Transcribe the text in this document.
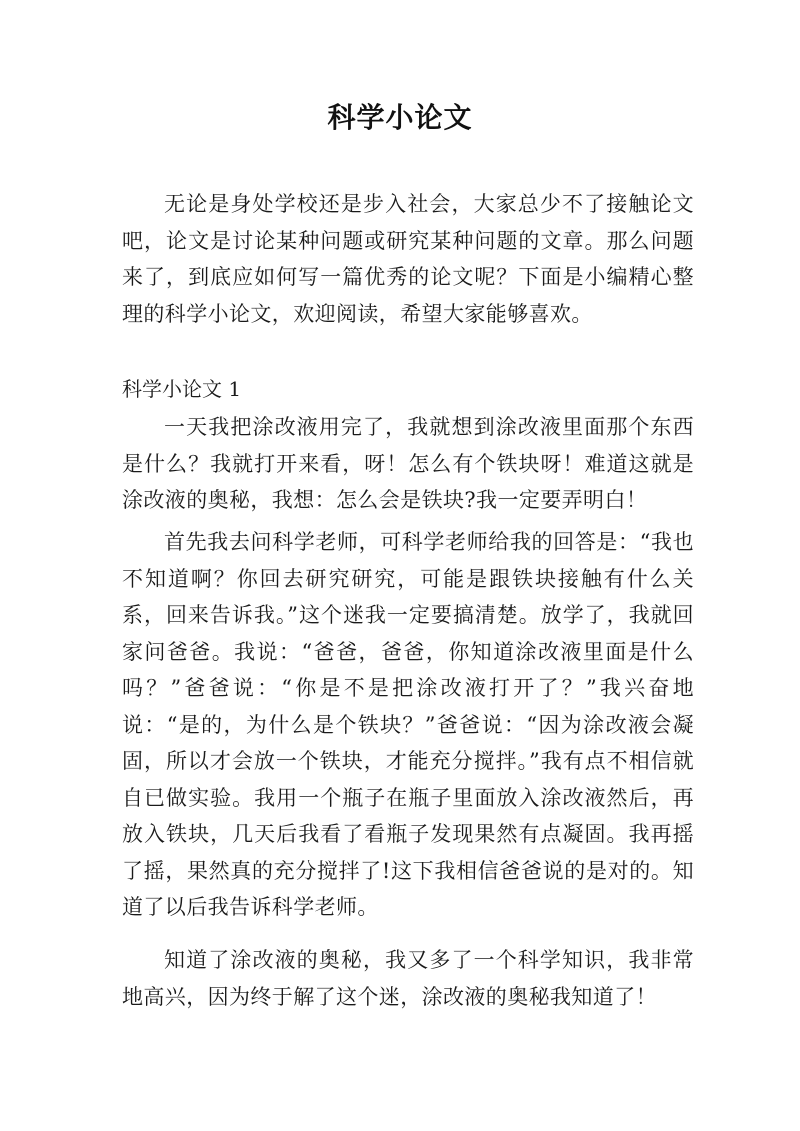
科学小论文

无论是身处学校还是步入社会，大家总少不了接触论文吧，论文是讨论某种问题或研究某种问题的文章。那么问题来了，到底应如何写一篇优秀的论文呢？下面是小编精心整理的科学小论文，欢迎阅读，希望大家能够喜欢。

科学小论文 1

一天我把涂改液用完了，我就想到涂改液里面那个东西是什么？我就打开来看，呀！怎么有个铁块呀！难道这就是涂改液的奥秘，我想：怎么会是铁块?我一定要弄明白！

首先我去问科学老师，可科学老师给我的回答是：“我也不知道啊？你回去研究研究，可能是跟铁块接触有什么关系，回来告诉我。”这个迷我一定要搞清楚。放学了，我就回家问爸爸。我说：“爸爸，爸爸，你知道涂改液里面是什么吗？”爸爸说：“你是不是把涂改液打开了？”我兴奋地说：“是的，为什么是个铁块？”爸爸说：“因为涂改液会凝固，所以才会放一个铁块，才能充分搅拌。”我有点不相信就自已做实验。我用一个瓶子在瓶子里面放入涂改液然后，再放入铁块，几天后我看了看瓶子发现果然有点凝固。我再摇了摇，果然真的充分搅拌了!这下我相信爸爸说的是对的。知道了以后我告诉科学老师。

知道了涂改液的奥秘，我又多了一个科学知识，我非常地高兴，因为终于解了这个迷，涂改液的奥秘我知道了！
